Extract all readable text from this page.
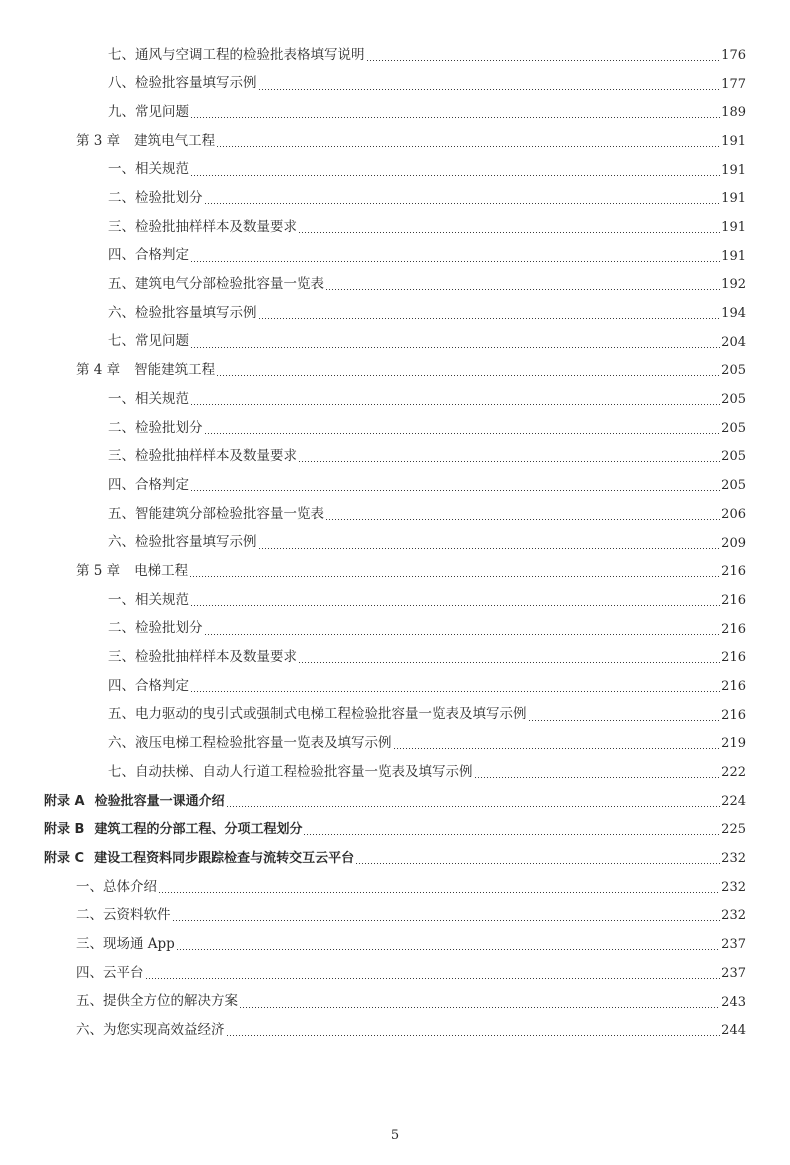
七、通风与空调工程的检验批表格填写说明	176
八、检验批容量填写示例	177
九、常见问题	189
第 3 章 建筑电气工程	191
一、相关规范	191
二、检验批划分	191
三、检验批抽样样本及数量要求	191
四、合格判定	191
五、建筑电气分部检验批容量一览表	192
六、检验批容量填写示例	194
七、常见问题	204
第 4 章 智能建筑工程	205
一、相关规范	205
二、检验批划分	205
三、检验批抽样样本及数量要求	205
四、合格判定	205
五、智能建筑分部检验批容量一览表	206
六、检验批容量填写示例	209
第 5 章 电梯工程	216
一、相关规范	216
二、检验批划分	216
三、检验批抽样样本及数量要求	216
四、合格判定	216
五、电力驱动的曳引式或强制式电梯工程检验批容量一览表及填写示例	216
六、液压电梯工程检验批容量一览表及填写示例	219
七、自动扶梯、自动人行道工程检验批容量一览表及填写示例	222
附录 A 检验批容量一课通介绍	224
附录 B 建筑工程的分部工程、分项工程划分	225
附录 C 建设工程资料同步跟踪检查与流转交互云平台	232
一、总体介绍	232
二、云资料软件	232
三、现场通 App	237
四、云平台	237
五、提供全方位的解决方案	243
六、为您实现高效益经济	244
5
